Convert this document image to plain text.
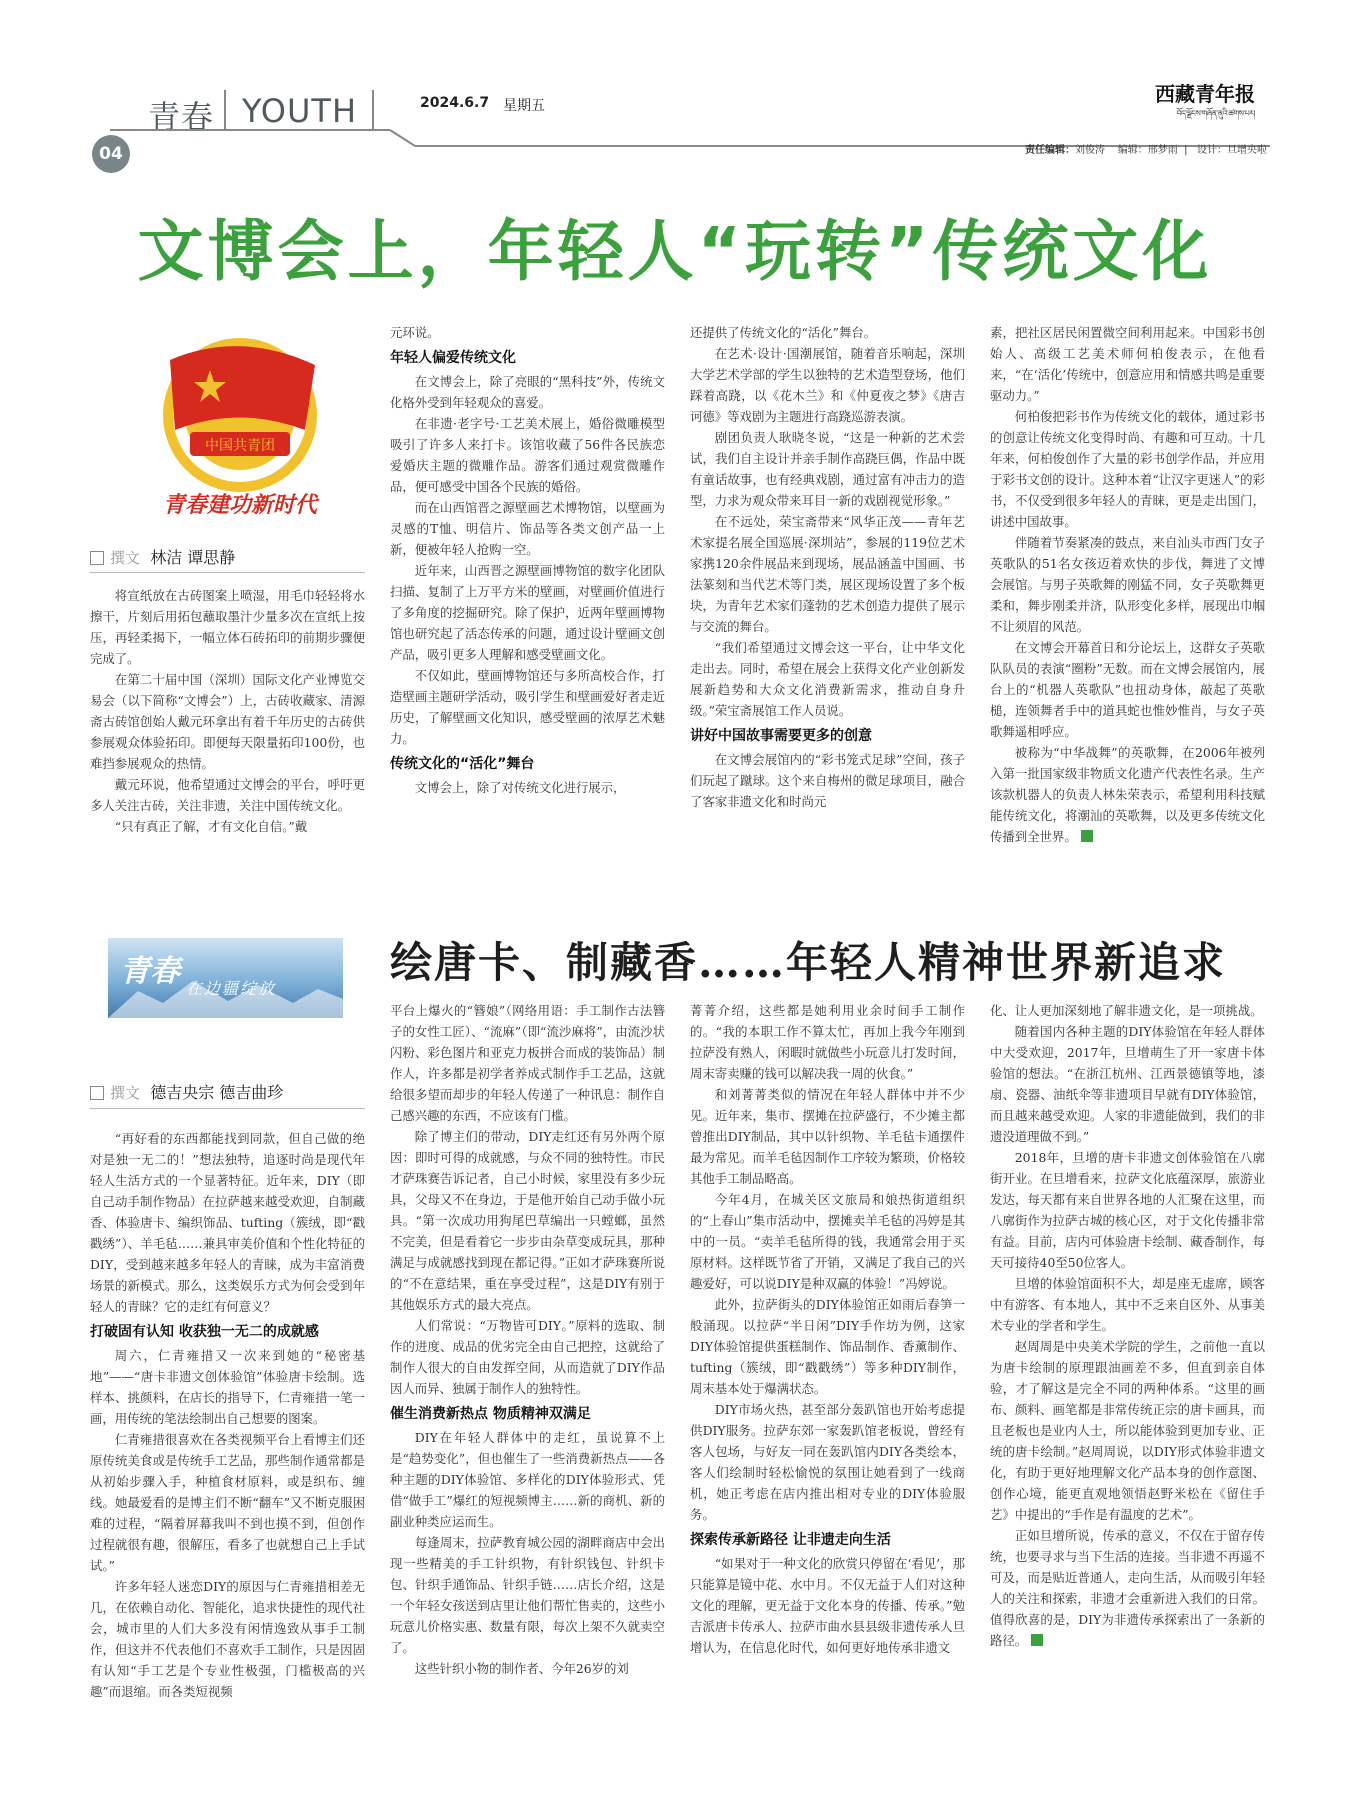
青春 YOUTH	2024.6.7 星期五	西藏青年报
བོད་ལྗོངས་གཞོན་ནུའི་ཚགས་པར།
04	责任编辑：刘俊涛 编辑：邢梦雨  |   设计：旦增央啦
文博会上，年轻人“玩转”传统文化
中国共青团
青春建功新时代
撰文 林洁 谭思静

将宣纸放在古砖图案上喷湿，用毛巾轻轻将水擦干，片刻后用拓包蘸取墨汁少量多次在宣纸上按压，再轻柔揭下，一幅立体石砖拓印的前期步骤便完成了。

在第二十届中国（深圳）国际文化产业博览交易会（以下简称“文博会”）上，古砖收藏家、清源斋古砖馆创始人戴元环拿出有着千年历史的古砖供参展观众体验拓印。即便每天限量拓印100份，也难挡参展观众的热情。

戴元环说，他希望通过文博会的平台，呼吁更多人关注古砖，关注非遗，关注中国传统文化。

“只有真正了解，才有文化自信。”戴

元环说。

年轻人偏爱传统文化

在文博会上，除了亮眼的“黑科技”外，传统文化格外受到年轻观众的喜爱。

在非遗·老字号·工艺美术展上，婚俗微雕模型吸引了许多人来打卡。该馆收藏了56件各民族恋爱婚庆主题的微雕作品。游客们通过观赏微雕作品，便可感受中国各个民族的婚俗。

而在山西馆晋之源壁画艺术博物馆，以壁画为灵感的T恤、明信片、饰品等各类文创产品一上新，便被年轻人抢购一空。

近年来，山西晋之源壁画博物馆的数字化团队扫描、复制了上万平方米的壁画，对壁画价值进行了多角度的挖掘研究。除了保护，近两年壁画博物馆也研究起了活态传承的问题，通过设计壁画文创产品，吸引更多人理解和感受壁画文化。

不仅如此，壁画博物馆还与多所高校合作，打造壁画主题研学活动，吸引学生和壁画爱好者走近历史，了解壁画文化知识，感受壁画的浓厚艺术魅力。

传统文化的“活化”舞台

文博会上，除了对传统文化进行展示，

还提供了传统文化的“活化”舞台。

在艺术·设计·国潮展馆，随着音乐响起，深圳大学艺术学部的学生以独特的艺术造型登场，他们踩着高跷，以《花木兰》和《仲夏夜之梦》《唐吉诃德》等戏剧为主题进行高跷巡游表演。

剧团负责人耿晓冬说，“这是一种新的艺术尝试，我们自主设计并亲手制作高跷巨偶，作品中既有童话故事，也有经典戏剧，通过富有冲击力的造型，力求为观众带来耳目一新的戏剧视觉形象。”

在不远处，荣宝斋带来“风华正茂——青年艺术家提名展全国巡展·深圳站”，参展的119位艺术家携120余件展品来到现场，展品涵盖中国画、书法篆刻和当代艺术等门类，展区现场设置了多个板块，为青年艺术家们蓬勃的艺术创造力提供了展示与交流的舞台。

“我们希望通过文博会这一平台，让中华文化走出去。同时，希望在展会上获得文化产业创新发展新趋势和大众文化消费新需求，推动自身升级。”荣宝斋展馆工作人员说。

讲好中国故事需要更多的创意

在文博会展馆内的“彩书笼式足球”空间，孩子们玩起了蹴球。这个来自梅州的微足球项目，融合了客家非遗文化和时尚元

素，把社区居民闲置微空间利用起来。中国彩书创始人、高级工艺美术师何柏俊表示，在他看来，“在‘活化’传统中，创意应用和情感共鸣是重要驱动力。”

何柏俊把彩书作为传统文化的载体，通过彩书的创意让传统文化变得时尚、有趣和可互动。十几年来，何柏俊创作了大量的彩书创学作品，并应用于彩书文创的设计。这种本着“让汉字更迷人”的彩书，不仅受到很多年轻人的青睐，更是走出国门，讲述中国故事。

伴随着节奏紧凑的鼓点，来自汕头市西门女子英歌队的51名女孩迈着欢快的步伐，舞进了文博会展馆。与男子英歌舞的刚猛不同，女子英歌舞更柔和，舞步刚柔并济，队形变化多样，展现出巾帼不让须眉的风范。

在文博会开幕首日和分论坛上，这群女子英歌队队员的表演“圈粉”无数。而在文博会展馆内，展台上的“机器人英歌队”也扭动身体，敲起了英歌槌，连领舞者手中的道具蛇也惟妙惟肖，与女子英歌舞遥相呼应。

被称为“中华战舞”的英歌舞，在2006年被列入第一批国家级非物质文化遗产代表性名录。生产该款机器人的负责人林朱荣表示，希望利用科技赋能传统文化，将潮汕的英歌舞，以及更多传统文化传播到全世界。

绘唐卡、制藏香……年轻人精神世界新追求
青春 在边疆绽放
撰文 德吉央宗 德吉曲珍

“再好看的东西都能找到同款，但自己做的绝对是独一无二的！”想法独特，追逐时尚是现代年轻人生活方式的一个显著特征。近年来，DIY（即自己动手制作物品）在拉萨越来越受欢迎，自制藏香、体验唐卡、编织饰品、tufting（簇绒，即“戳戳绣”）、羊毛毡……兼具审美价值和个性化特征的DIY，受到越来越多年轻人的青睐，成为丰富消费场景的新模式。那么，这类娱乐方式为何会受到年轻人的青睐？它的走红有何意义？

打破固有认知 收获独一无二的成就感

周六，仁青雍措又一次来到她的“秘密基地”——“唐卡非遗文创体验馆”体验唐卡绘制。选样本、挑颜料，在店长的指导下，仁青雍措一笔一画，用传统的笔法绘制出自己想要的图案。

仁青雍措很喜欢在各类视频平台上看博主们还原传统美食或是传统手工艺品，那些制作通常都是从初始步骤入手，种植食材原料，或是织布、缠线。她最爱看的是博主们不断“翻车”又不断克服困难的过程，“隔着屏幕我叫不到也摸不到，但创作过程就很有趣，很解压，看多了也就想自己上手试试。”

许多年轻人迷恋DIY的原因与仁青雍措相差无几，在依赖自动化、智能化，追求快捷性的现代社会，城市里的人们大多没有闲情逸致从事手工制作，但这并不代表他们不喜欢手工制作，只是因固有认知“手工艺是个专业性极强，门槛极高的兴趣”而退缩。而各类短视频

平台上爆火的“簪娘”（网络用语：手工制作古法簪子的女性工匠）、“流麻”（即“流沙麻将”，由流沙状闪粉、彩色图片和亚克力板拼合而成的装饰品）制作人，许多都是初学者养成式制作手工艺品，这就给很多望而却步的年轻人传递了一种讯息：制作自己感兴趣的东西，不应该有门槛。

除了博主们的带动，DIY走红还有另外两个原因：即时可得的成就感，与众不同的独特性。市民才萨珠赛告诉记者，自己小时候，家里没有多少玩具，父母又不在身边，于是他开始自己动手做小玩具。“第一次成功用狗尾巴草编出一只螳螂，虽然不完美，但是看着它一步步由杂草变成玩具，那种满足与成就感找到现在都记得。”正如才萨珠赛所说的“不在意结果，重在享受过程”，这是DIY有别于其他娱乐方式的最大亮点。

人们常说：“万物皆可DIY。”原料的选取、制作的进度、成品的优劣完全由自己把控，这就给了制作人很大的自由发挥空间，从而造就了DIY作品因人而异、独属于制作人的独特性。

催生消费新热点 物质精神双满足

DIY在年轻人群体中的走红，虽说算不上是“趋势变化”，但也催生了一些消费新热点——各种主题的DIY体验馆、多样化的DIY体验形式、凭借“做手工”爆红的短视频博主……新的商机、新的副业种类应运而生。

每逢周末，拉萨教育城公园的湖畔商店中会出现一些精美的手工针织物，有针织钱包、针织卡包、针织手通饰品、针织手链……店长介绍，这是一个年轻女孩送到店里让他们帮忙售卖的，这些小玩意儿价格实惠、数量有限，每次上架不久就卖空了。

这些针织小物的制作者、今年26岁的刘

菁菁介绍，这些都是她利用业余时间手工制作的。“我的本职工作不算太忙，再加上我今年刚到拉萨没有熟人，闲暇时就做些小玩意儿打发时间，周末寄卖赚的钱可以解决我一周的伙食。”

和刘菁菁类似的情况在年轻人群体中并不少见。近年来，集市、摆摊在拉萨盛行，不少摊主都曾推出DIY制品，其中以针织物、羊毛毡卡通摆件最为常见。而羊毛毡因制作工序较为繁琐，价格较其他手工制品略高。

今年4月，在城关区文旅局和娘热街道组织的“上春山”集市活动中，摆摊卖羊毛毡的冯婷是其中的一员。“卖羊毛毡所得的钱，我通常会用于买原材料。这样既节省了开销，又满足了我自己的兴趣爱好，可以说DIY是种双赢的体验！”冯婷说。

此外，拉萨街头的DIY体验馆正如雨后春笋一般涌现。以拉萨“半日闲”DIY手作坊为例，这家DIY体验馆提供蛋糕制作、饰品制作、香薰制作、tufting（簇绒，即“戳戳绣”）等多种DIY制作，周末基本处于爆满状态。

DIY市场火热，甚至部分轰趴馆也开始考虑提供DIY服务。拉萨东郊一家轰趴馆老板说，曾经有客人包场，与好友一同在轰趴馆内DIY各类绘本，客人们绘制时轻松愉悦的氛围让她看到了一线商机，她正考虑在店内推出相对专业的DIY体验服务。

探索传承新路径 让非遗走向生活

“如果对于一种文化的欣赏只停留在‘看见’，那只能算是镜中花、水中月。不仅无益于人们对这种文化的理解，更无益于文化本身的传播、传承。”勉吉派唐卡传承人、拉萨市曲水县县级非遗传承人旦增认为，在信息化时代，如何更好地传承非遗文

化、让人更加深刻地了解非遗文化，是一项挑战。

随着国内各种主题的DIY体验馆在年轻人群体中大受欢迎，2017年，旦增萌生了开一家唐卡体验馆的想法。“在浙江杭州、江西景德镇等地，漆扇、瓷器、油纸伞等非遗项目早就有DIY体验馆，而且越来越受欢迎。人家的非遗能做到，我们的非遗没道理做不到。”

2018年，旦增的唐卡非遗文创体验馆在八廓街开业。在旦增看来，拉萨文化底蕴深厚，旅游业发达，每天都有来自世界各地的人汇聚在这里，而八廓街作为拉萨古城的核心区，对于文化传播非常有益。目前，店内可体验唐卡绘制、藏香制作，每天可接待40至50位客人。

旦增的体验馆面积不大，却是座无虚席，顾客中有游客、有本地人，其中不乏来自区外、从事美术专业的学者和学生。

赵周周是中央美术学院的学生，之前他一直以为唐卡绘制的原理跟油画差不多，但直到亲自体验，才了解这是完全不同的两种体系。“这里的画布、颜料、画笔都是非常传统正宗的唐卡画具，而且老板也是业内人士，所以能体验到更加专业、正统的唐卡绘制。”赵周周说，以DIY形式体验非遗文化，有助于更好地理解文化产品本身的创作意图、创作心境，能更直观地领悟赵野米松在《留住手艺》中提出的“手作是有温度的艺术”。

正如旦增所说，传承的意义，不仅在于留存传统，也要寻求与当下生活的连接。当非遗不再遥不可及，而是贴近普通人，走向生活，从而吸引年轻人的关注和探索，非遗才会重新进入我们的日常。值得欣喜的是，DIY为非遗传承探索出了一条新的路径。
